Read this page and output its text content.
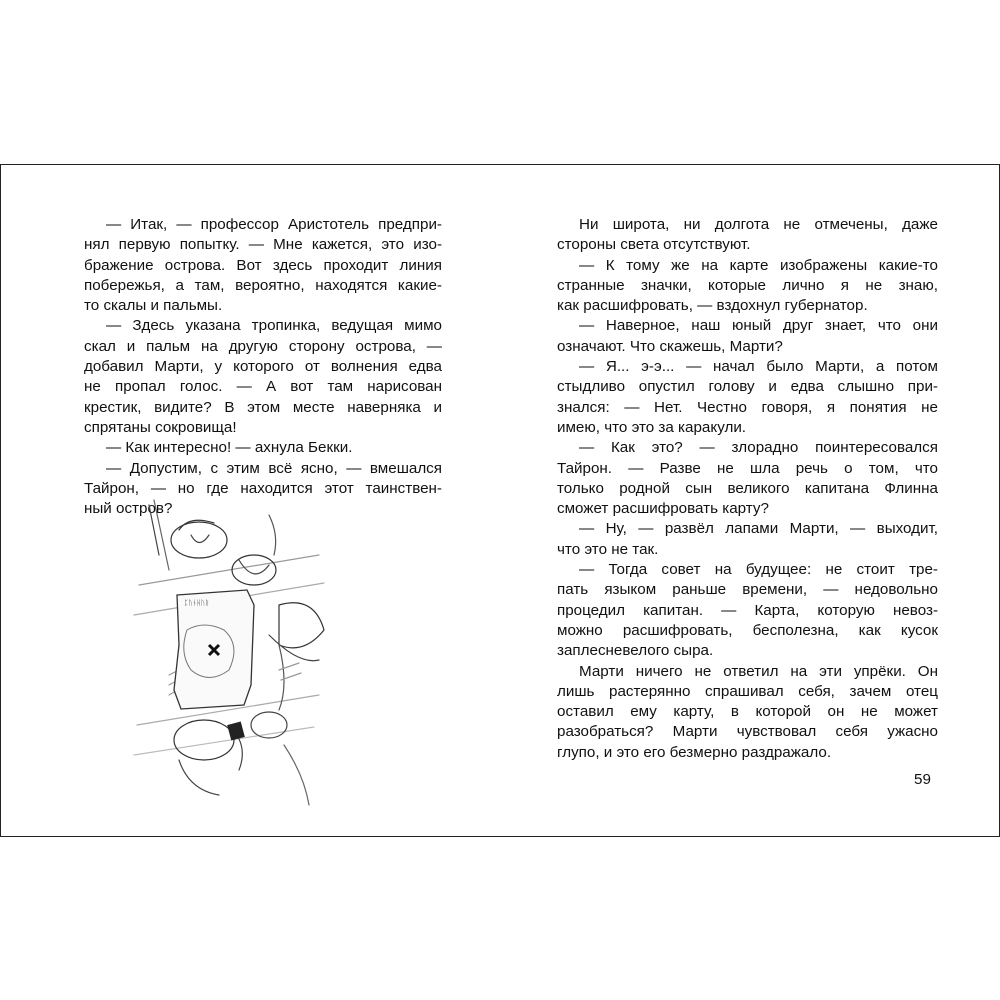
— Итак, — профессор Аристотель предпри-
нял первую попытку. — Мне кажется, это изо-
бражение острова. Вот здесь проходит линия
побережья, а там, вероятно, находятся какие-
то скалы и пальмы.
— Здесь указана тропинка, ведущая мимо
скал и пальм на другую сторону острова, —
добавил Марти, у которого от волнения едва
не пропал голос. — А вот там нарисован
крестик, видите? В этом месте наверняка и
спрятаны сокровища!
— Как интересно! — ахнула Бекки.
— Допустим, с этим всё ясно, — вмешался
Тайрон, — но где находится этот таинствен-
ный остров?
ᛈᚢᚾᚺᚢᚱ
Ни широта, ни долгота не отмечены, даже
стороны света отсутствуют.
— К тому же на карте изображены какие-то
странные значки, которые лично я не знаю,
как расшифровать, — вздохнул губернатор.
— Наверное, наш юный друг знает, что они
означают. Что скажешь, Марти?
— Я... э-э... — начал было Марти, а потом
стыдливо опустил голову и едва слышно при-
знался: — Нет. Честно говоря, я понятия не
имею, что это за каракули.
— Как это? — злорадно поинтересовался
Тайрон. — Разве не шла речь о том, что
только родной сын великого капитана Флинна
сможет расшифровать карту?
— Ну, — развёл лапами Марти, — выходит,
что это не так.
— Тогда совет на будущее: не стоит тре-
пать языком раньше времени, — недовольно
процедил капитан. — Карта, которую невоз-
можно расшифровать, бесполезна, как кусок
заплесневелого сыра.
Марти ничего не ответил на эти упрёки. Он
лишь растерянно спрашивал себя, зачем отец
оставил ему карту, в которой он не может
разобраться? Марти чувствовал себя ужасно
глупо, и это его безмерно раздражало.
59
